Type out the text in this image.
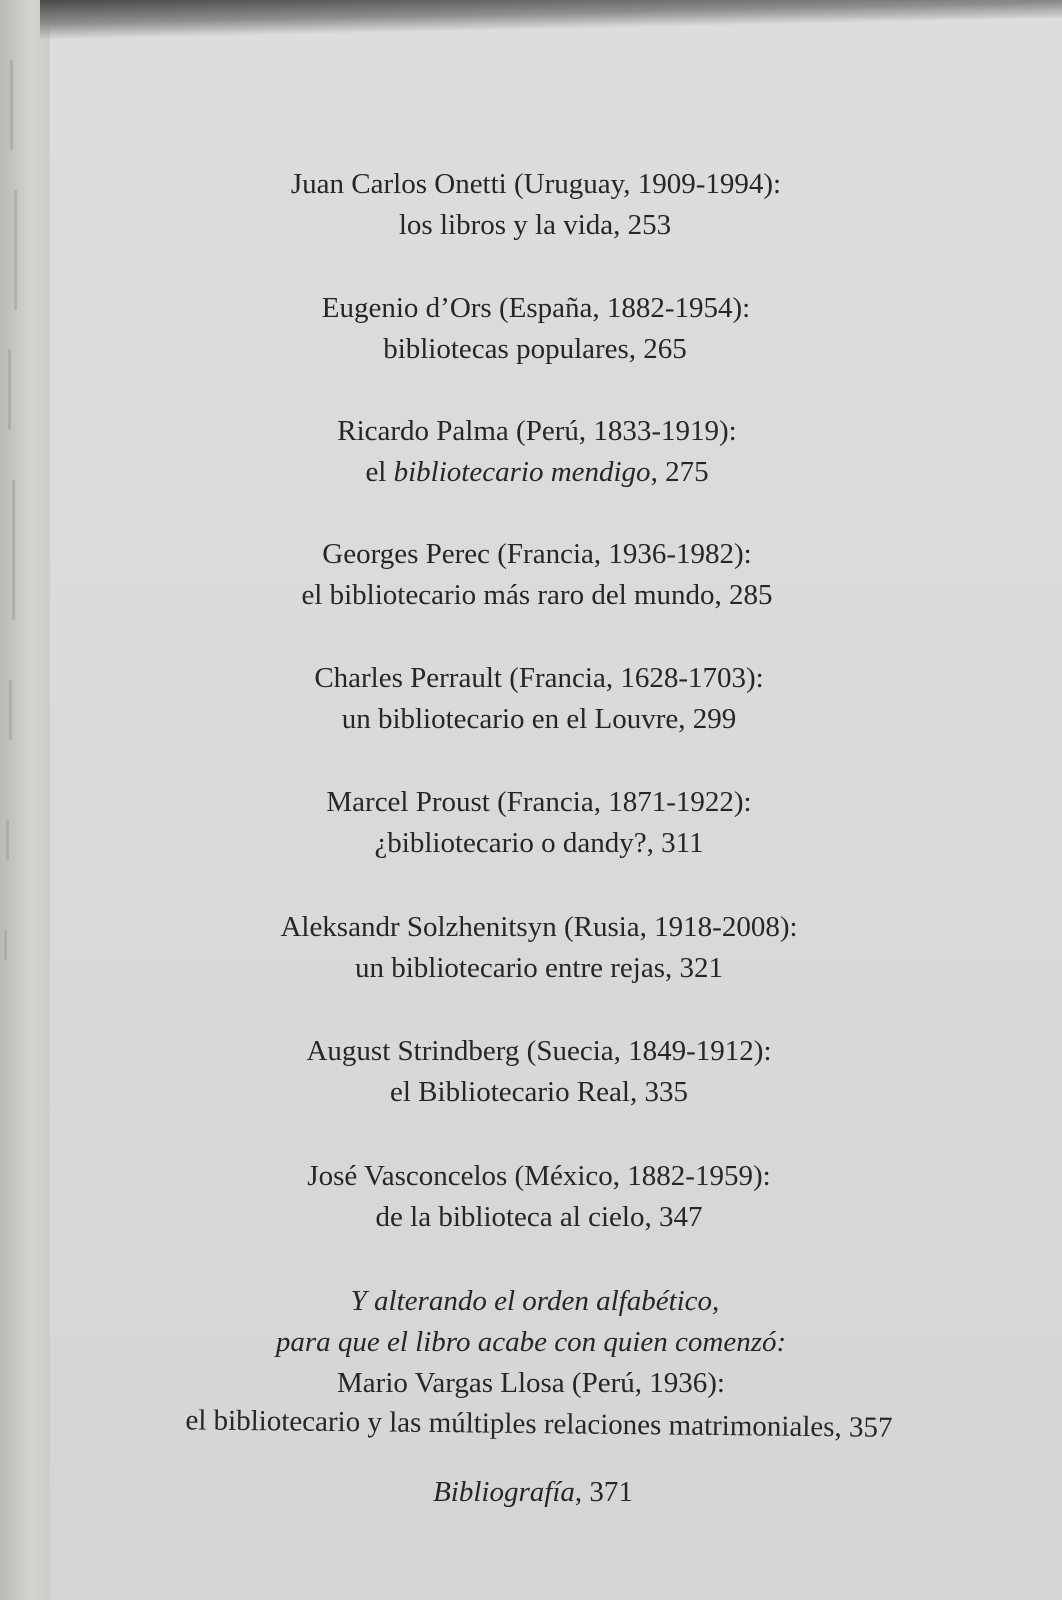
Juan Carlos Onetti (Uruguay, 1909-1994):
los libros y la vida, 253
Eugenio d’Ors (España, 1882-1954):
bibliotecas populares, 265
Ricardo Palma (Perú, 1833-1919):
el bibliotecario mendigo, 275
Georges Perec (Francia, 1936-1982):
el bibliotecario más raro del mundo, 285
Charles Perrault (Francia, 1628-1703):
un bibliotecario en el Louvre, 299
Marcel Proust (Francia, 1871-1922):
¿bibliotecario o dandy?, 311
Aleksandr Solzhenitsyn (Rusia, 1918-2008):
un bibliotecario entre rejas, 321
August Strindberg (Suecia, 1849-1912):
el Bibliotecario Real, 335
José Vasconcelos (México, 1882-1959):
de la biblioteca al cielo, 347
Y alterando el orden alfabético,
para que el libro acabe con quien comenzó:
Mario Vargas Llosa (Perú, 1936):
el bibliotecario y las múltiples relaciones matrimoniales, 357
Bibliografía, 371
